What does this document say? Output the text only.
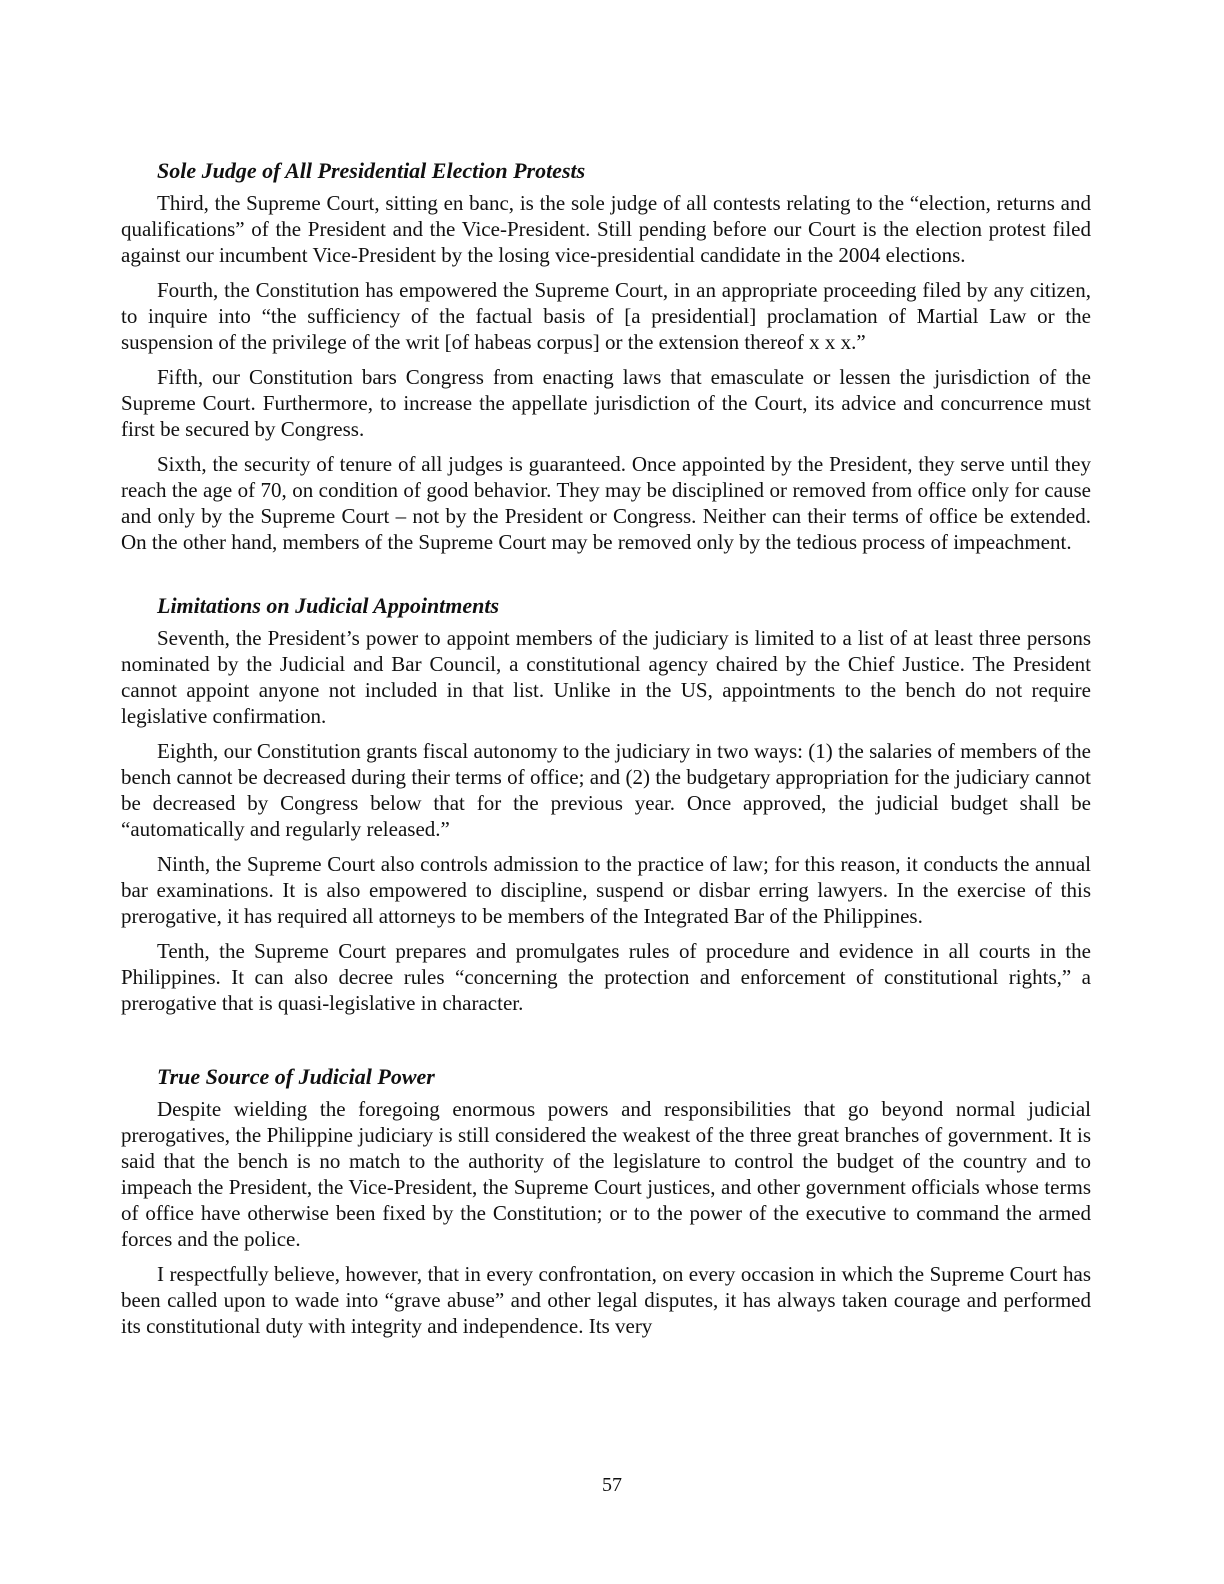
Sole Judge of All Presidential Election Protests

Third, the Supreme Court, sitting en banc, is the sole judge of all contests relating to the “election, returns and qualifications” of the President and the Vice-President. Still pending before our Court is the election protest filed against our incumbent Vice-President by the losing vice-presidential candidate in the 2004 elections.

Fourth, the Constitution has empowered the Supreme Court, in an appropriate proceeding filed by any citizen, to inquire into “the sufficiency of the factual basis of [a presidential] proclamation of Martial Law or the suspension of the privilege of the writ [of habeas corpus] or the extension thereof x x x.”

Fifth, our Constitution bars Congress from enacting laws that emasculate or lessen the jurisdiction of the Supreme Court. Furthermore, to increase the appellate jurisdiction of the Court, its advice and concurrence must first be secured by Congress.

Sixth, the security of tenure of all judges is guaranteed. Once appointed by the President, they serve until they reach the age of 70, on condition of good behavior. They may be disciplined or removed from office only for cause and only by the Supreme Court – not by the President or Congress. Neither can their terms of office be extended. On the other hand, members of the Supreme Court may be removed only by the tedious process of impeachment.

Limitations on Judicial Appointments

Seventh, the President’s power to appoint members of the judiciary is limited to a list of at least three persons nominated by the Judicial and Bar Council, a constitutional agency chaired by the Chief Justice. The President cannot appoint anyone not included in that list. Unlike in the US, appointments to the bench do not require legislative confirmation.

Eighth, our Constitution grants fiscal autonomy to the judiciary in two ways: (1) the salaries of members of the bench cannot be decreased during their terms of office; and (2) the budgetary appropriation for the judiciary cannot be decreased by Congress below that for the previous year. Once approved, the judicial budget shall be “automatically and regularly released.”

Ninth, the Supreme Court also controls admission to the practice of law; for this reason, it conducts the annual bar examinations. It is also empowered to discipline, suspend or disbar erring lawyers. In the exercise of this prerogative, it has required all attorneys to be members of the Integrated Bar of the Philippines.

Tenth, the Supreme Court prepares and promulgates rules of procedure and evidence in all courts in the Philippines. It can also decree rules “concerning the protection and enforcement of constitutional rights,” a prerogative that is quasi-legislative in character.

True Source of Judicial Power

Despite wielding the foregoing enormous powers and responsibilities that go beyond normal judicial prerogatives, the Philippine judiciary is still considered the weakest of the three great branches of government. It is said that the bench is no match to the authority of the legislature to control the budget of the country and to impeach the President, the Vice-President, the Supreme Court justices, and other government officials whose terms of office have otherwise been fixed by the Constitution; or to the power of the executive to command the armed forces and the police.

I respectfully believe, however, that in every confrontation, on every occasion in which the Supreme Court has been called upon to wade into “grave abuse” and other legal disputes, it has always taken courage and performed its constitutional duty with integrity and independence. Its very

57
